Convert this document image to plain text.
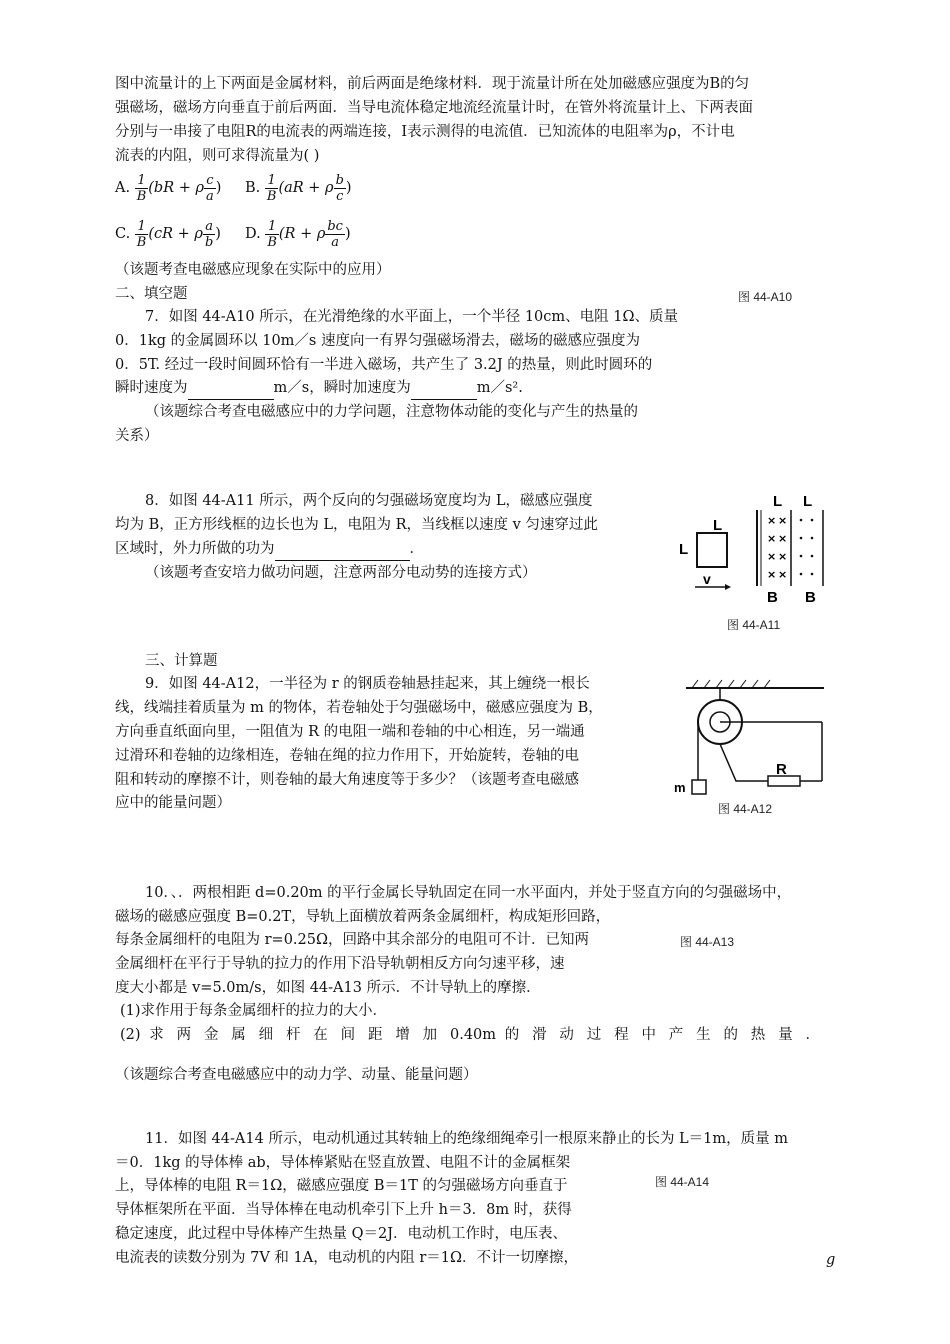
图中流量计的上下两面是金属材料，前后两面是绝缘材料．现于流量计所在处加磁感应强度为B的匀
强磁场，磁场方向垂直于前后两面．当导电流体稳定地流经流量计时，在管外将流量计上、下两表面
分别与一串接了电阻R的电流表的两端连接，I表示测得的电流值．已知流体的电阻率为ρ，不计电
流表的内阻，则可求得流量为( )
A. $\frac{1}{B} (bR + \rho \frac{c}{a}$ ) B. $\frac{1}{B} (aR + \rho \frac{b}{c}$ )
C. $\frac{1}{B} (cR + \rho \frac{a}{b}$ ) D. $\frac{1}{B} (R + \rho \frac{bc}{a}$ )
（该题考查电磁感应现象在实际中的应用）
二、填空题	图 44-A10
7．如图 44-A10 所示，在光滑绝缘的水平面上，一个半径 10cm、电阻 1Ω、质量
0．1kg 的金属圆环以 10m／s 速度向一有界匀强磁场滑去，磁场的磁感应强度为
0．5T. 经过一段时间圆环恰有一半进入磁场，共产生了 3.2J 的热量，则此时圆环的
瞬时速度为	m／s，瞬时加速度为	m／s².
（该题综合考查电磁感应中的力学问题，注意物体动能的变化与产生的热量的
关系）
8．如图 44-A11 所示，两个反向的匀强磁场宽度均为 L，磁感应强度
均为 B，正方形线框的边长也为 L，电阻为 R，当线框以速度 v 匀速穿过此
区域时，外力所做的功为	．
（该题考查安培力做功问题，注意两部分电动势的连接方式）
L
L
v
L L
× ×
× ×
× ×
× ×
B B
图 44-A11
三、计算题
9．如图 44-A12，一半径为 r 的钢质卷轴悬挂起来，其上缠绕一根长
线，线端挂着质量为 m 的物体，若卷轴处于匀强磁场中，磁感应强度为 B，
方向垂直纸面向里，一阻值为 R 的电阻一端和卷轴的中心相连，另一端通
过滑环和卷轴的边缘相连，卷轴在绳的拉力作用下，开始旋转，卷轴的电
阻和转动的摩擦不计，则卷轴的最大角速度等于多少？（该题考查电磁感
应中的能量问题）
R
m
图 44-A12
10．、．两根相距 d=0.20m 的平行金属长导轨固定在同一水平面内，并处于竖直方向的匀强磁场中，
磁场的磁感应强度 B=0.2T，导轨上面横放着两条金属细杆，构成矩形回路，
每条金属细杆的电阻为 r=0.25Ω，回路中其余部分的电阻可不计．已知两	图 44-A13
金属细杆在平行于导轨的拉力的作用下沿导轨朝相反方向匀速平移，速
度大小都是 v=5.0m/s，如图 44-A13 所示．不计导轨上的摩擦．
(1)求作用于每条金属细杆的拉力的大小．
(2) 求 两 金 属 细 杆 在 间 距 增 加 0.40m 的 滑 动 过 程 中 产 生 的 热 量 ．
（该题综合考查电磁感应中的动力学、动量、能量问题）
11．如图 44-A14 所示，电动机通过其转轴上的绝缘细绳牵引一根原来静止的长为 L＝1m，质量 m
＝0．1kg 的导体棒 ab，导体棒紧贴在竖直放置、电阻不计的金属框架
图 44-A14
上，导体棒的电阻 R＝1Ω，磁感应强度 B＝1T 的匀强磁场方向垂直于
导体框架所在平面．当导体棒在电动机牵引下上升 h＝3．8m 时，获得
稳定速度，此过程中导体棒产生热量 Q＝2J．电动机工作时，电压表、
电流表的读数分别为 7V 和 1A，电动机的内阻 r＝1Ω．不计一切摩擦，	g
